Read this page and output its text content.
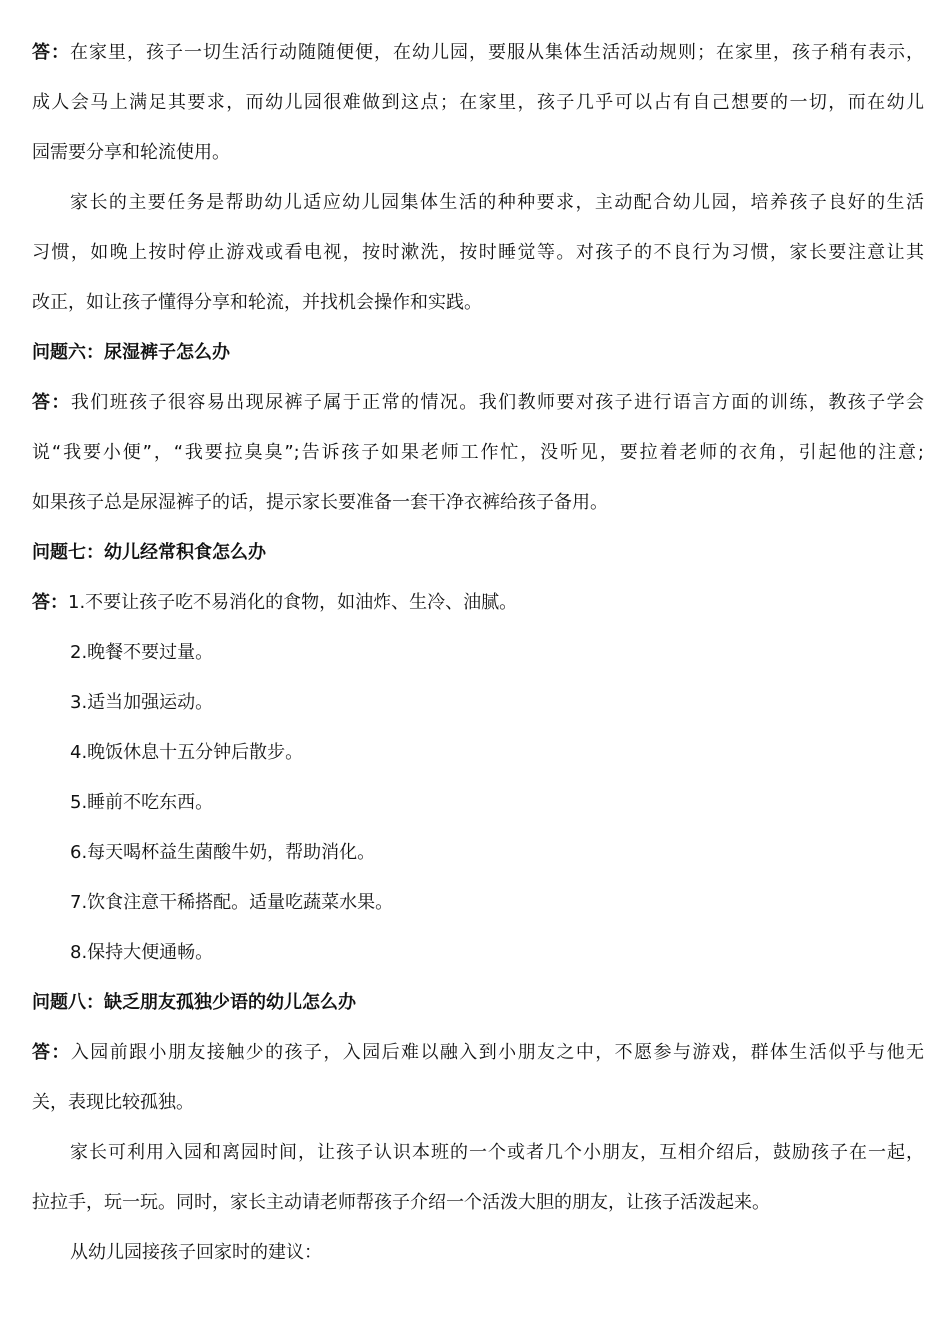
答：在家里，孩子一切生活行动随随便便，在幼儿园，要服从集体生活活动规则；在家里，孩子稍有表示，
成人会马上满足其要求，而幼儿园很难做到这点；在家里，孩子几乎可以占有自己想要的一切，而在幼儿
园需要分享和轮流使用。
家长的主要任务是帮助幼儿适应幼儿园集体生活的种种要求，主动配合幼儿园，培养孩子良好的生活
习惯，如晚上按时停止游戏或看电视，按时漱洗，按时睡觉等。对孩子的不良行为习惯，家长要注意让其
改正，如让孩子懂得分享和轮流，并找机会操作和实践。
问题六：尿湿裤子怎么办
答：我们班孩子很容易出现尿裤子属于正常的情况。我们教师要对孩子进行语言方面的训练，教孩子学会
说“我要小便”，“我要拉臭臭”;告诉孩子如果老师工作忙，没听见，要拉着老师的衣角，引起他的注意;
如果孩子总是尿湿裤子的话，提示家长要准备一套干净衣裤给孩子备用。
问题七：幼儿经常积食怎么办
答：1.不要让孩子吃不易消化的食物，如油炸、生冷、油腻。
2.晚餐不要过量。
3.适当加强运动。
4.晚饭休息十五分钟后散步。
5.睡前不吃东西。
6.每天喝杯益生菌酸牛奶，帮助消化。
7.饮食注意干稀搭配。适量吃蔬菜水果。
8.保持大便通畅。
问题八：缺乏朋友孤独少语的幼儿怎么办
答：入园前跟小朋友接触少的孩子，入园后难以融入到小朋友之中，不愿参与游戏，群体生活似乎与他无
关，表现比较孤独。
家长可利用入园和离园时间，让孩子认识本班的一个或者几个小朋友，互相介绍后，鼓励孩子在一起，
拉拉手，玩一玩。同时，家长主动请老师帮孩子介绍一个活泼大胆的朋友，让孩子活泼起来。
从幼儿园接孩子回家时的建议：
